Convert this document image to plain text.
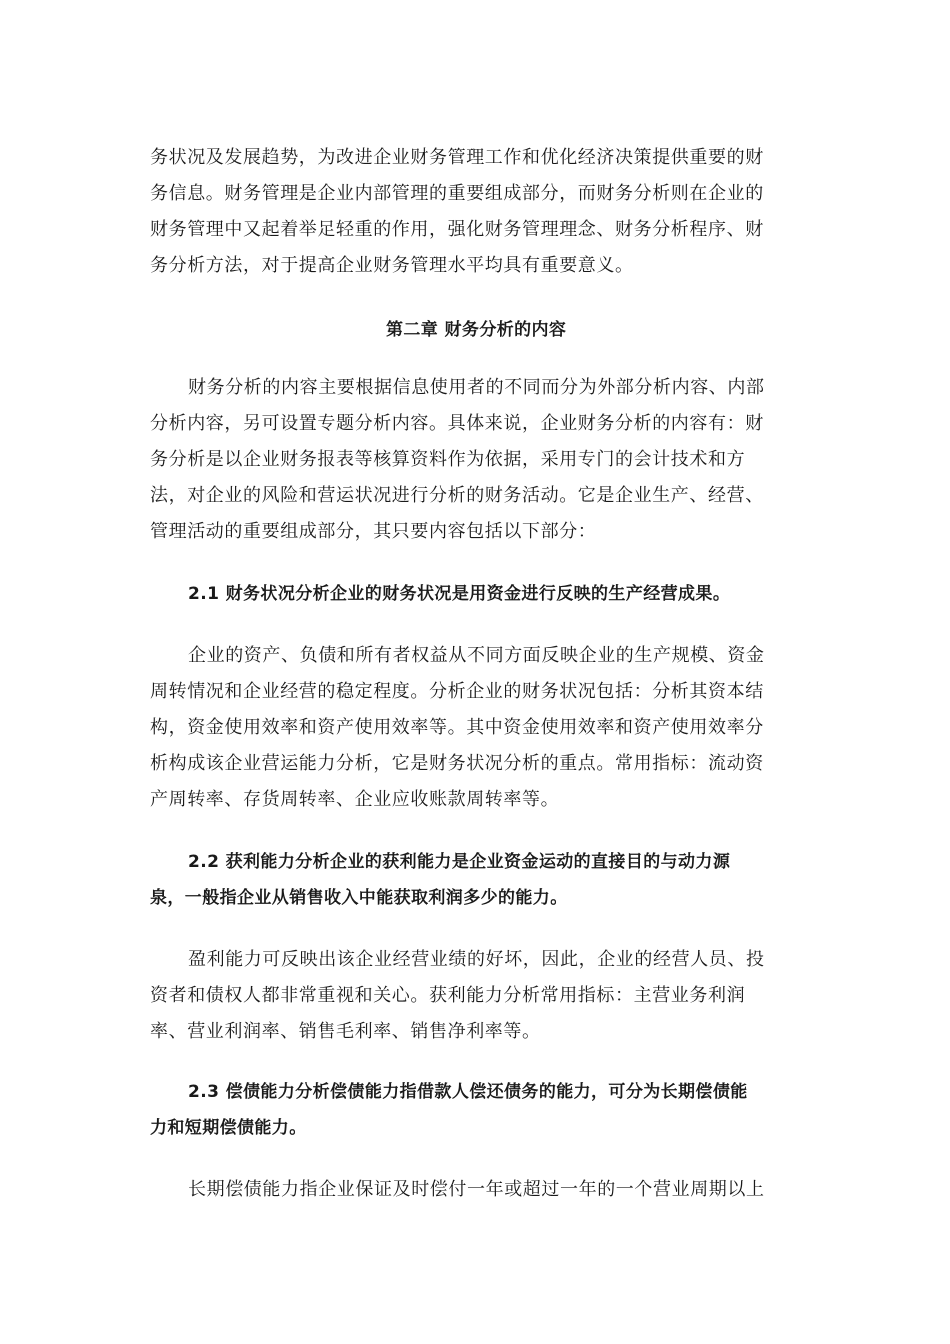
务状况及发展趋势，为改进企业财务管理工作和优化经济决策提供重要的财

务信息。财务管理是企业内部管理的重要组成部分，而财务分析则在企业的

财务管理中又起着举足轻重的作用，强化财务管理理念、财务分析程序、财

务分析方法，对于提高企业财务管理水平均具有重要意义。

第二章 财务分析的内容

财务分析的内容主要根据信息使用者的不同而分为外部分析内容、内部

分析内容，另可设置专题分析内容。具体来说，企业财务分析的内容有：财

务分析是以企业财务报表等核算资料作为依据，采用专门的会计技术和方

法，对企业的风险和营运状况进行分析的财务活动。它是企业生产、经营、

管理活动的重要组成部分，其只要内容包括以下部分：

2.1 财务状况分析企业的财务状况是用资金进行反映的生产经营成果。

企业的资产、负债和所有者权益从不同方面反映企业的生产规模、资金

周转情况和企业经营的稳定程度。分析企业的财务状况包括：分析其资本结

构，资金使用效率和资产使用效率等。其中资金使用效率和资产使用效率分

析构成该企业营运能力分析，它是财务状况分析的重点。常用指标：流动资

产周转率、存货周转率、企业应收账款周转率等。

2.2 获利能力分析企业的获利能力是企业资金运动的直接目的与动力源

泉，一般指企业从销售收入中能获取利润多少的能力。

盈利能力可反映出该企业经营业绩的好坏，因此，企业的经营人员、投

资者和债权人都非常重视和关心。获利能力分析常用指标：主营业务利润

率、营业利润率、销售毛利率、销售净利率等。

2.3 偿债能力分析偿债能力指借款人偿还债务的能力，可分为长期偿债能

力和短期偿债能力。

长期偿债能力指企业保证及时偿付一年或超过一年的一个营业周期以上
